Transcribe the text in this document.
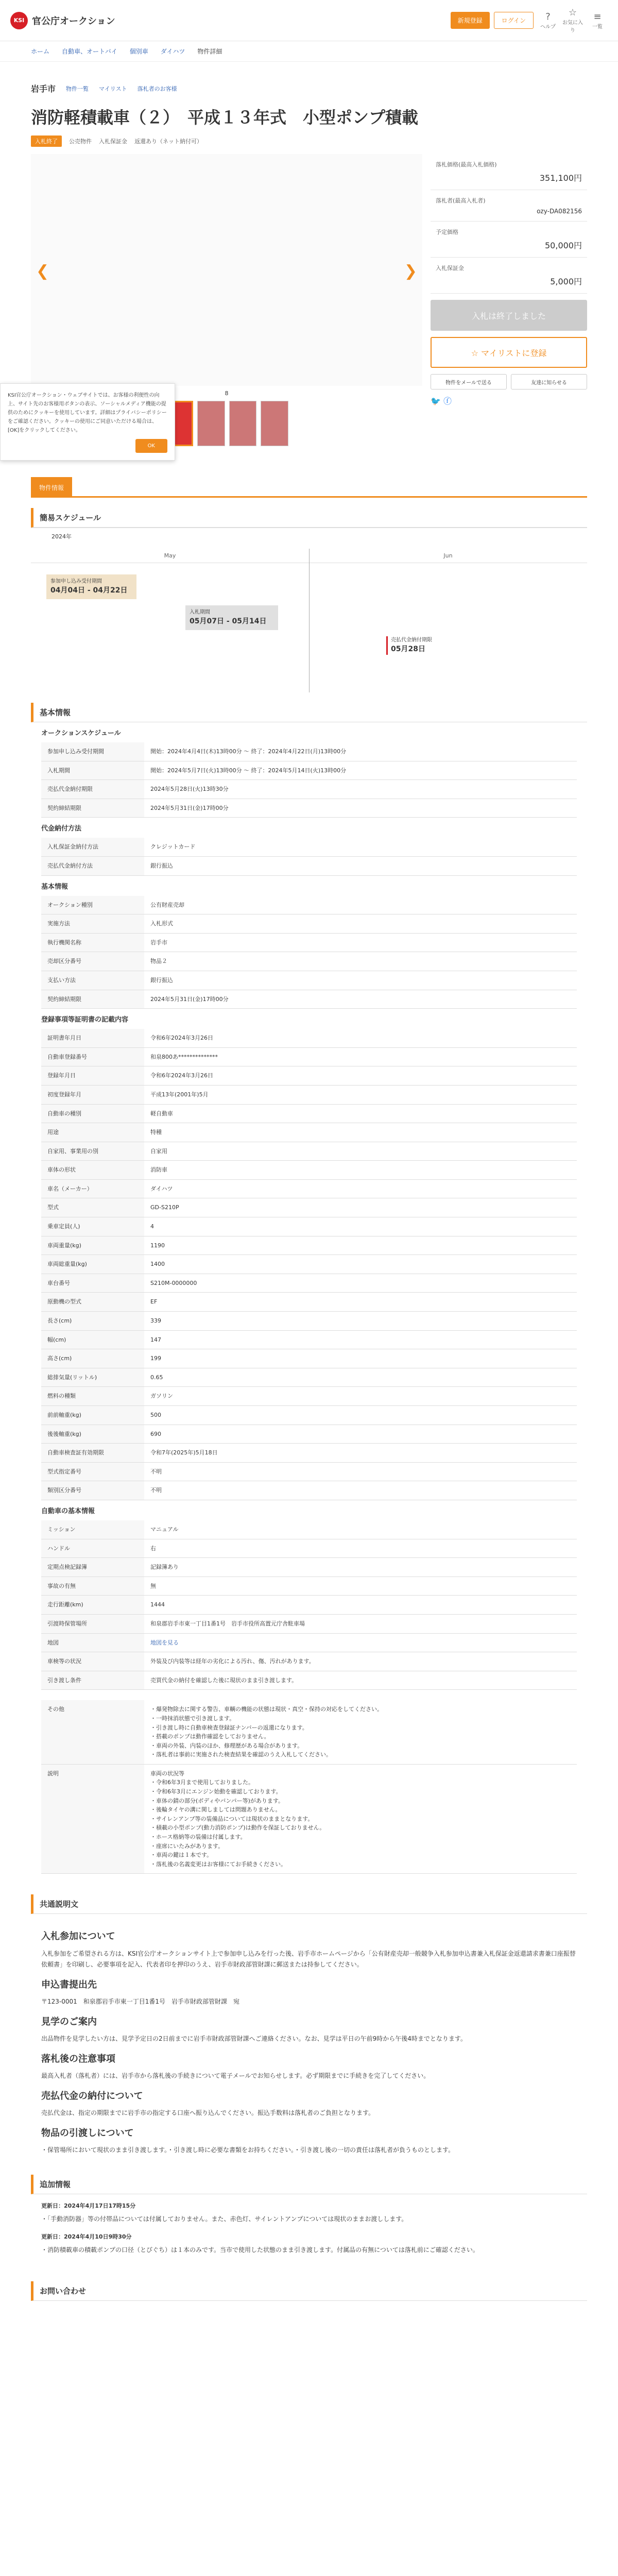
KSI 官公庁オークション	新規登録	ログイン	?
ヘルプ
☆
お気に入り
≡
一覧
ホーム 自動車、オートバイ 個別車 ダイハツ 物件詳細
岩手市 物件一覧 マイリスト 落札者のお客様
消防軽積載車（２）　平成１３年式　小型ポンプ積載
入札終了	公売物件 入札保証金 返還あり（ネット納付可）
❮	❯
8
落札価格(最高入札価格)
351,100円
落札者(最高入札者)
ozy-DA082156
予定価格
50,000円
入札保証金
5,000円
入札は終了しました
☆ マイリストに登録
物件をメールで送る	友達に知らせる
🐦 ⓕ
KSI官公庁オークション・ウェブサイトでは、お客様の利便性の向上、サイト先のお客様用ボタンの表示、ソーシャルメディア機能の提供のためにクッキーを使用しています。詳細はプライバシーポリシーをご確認ください。クッキーの使用にご同意いただける場合は、[OK]をクリックしてください。
OK
物件情報
簡易スケジュール
2024年
May	Jun
参加申し込み受付期間
04月04日 - 04月22日
入札期間
05月07日 - 05月14日
売払代金納付期限
05月28日
基本情報
オークションスケジュール
参加申し込み受付期間	開始：2024年4月4日(木)13時00分 ～ 終了：2024年4月22日(月)13時00分
入札期間	開始：2024年5月7日(火)13時00分 ～ 終了：2024年5月14日(火)13時00分
売払代金納付期限	2024年5月28日(火)13時30分
契約締結期限	2024年5月31日(金)17時00分
代金納付方法
入札保証金納付方法	クレジットカード
売払代金納付方法	銀行振込
基本情報
オークション種別	公有財産売却
実施方法	入札形式
執行機関名称	岩手市
売却区分番号	物品２
支払い方法	銀行振込
契約締結期限	2024年5月31日(金)17時00分
登録事項等証明書の記載内容
証明書年月日	令和6年2024年3月26日
自動車登録番号	和泉800あ**************
登録年月日	令和6年2024年3月26日
初度登録年月	平成13年(2001年)5月
自動車の種別	軽自動車
用途	特種
自家用、事業用の別	自家用
車体の形状	消防車
車名（メーカー）	ダイハツ
型式	GD-S210P
乗車定員(人)	4
車両重量(kg)	1190
車両総重量(kg)	1400
車台番号	S210M-0000000
原動機の型式	EF
長さ(cm)	339
幅(cm)	147
高さ(cm)	199
総排気量(リットル)	0.65
燃料の種類	ガソリン
前前軸重(kg)	500
後後軸重(kg)	690
自動車検査証有効期限	令和7年(2025年)5月18日
型式指定番号	不明
類別区分番号	不明
自動車の基本情報
ミッション	マニュアル
ハンドル	右
定期点検記録簿	記録簿あり
事故の有無	無
走行距離(km)	1444
引渡時保管場所	和泉郡岩手市東一丁目1番1号　岩手市役所高置元庁舎駐車場
地図	地図を見る
車検等の状況	外装及び内装等は経年の劣化による汚れ、傷、汚れがあります。
引き渡し条件	売買代金の納付を確認した後に現状のまま引き渡します。
その他	・爆発物除去に関する警告、車輌の機能の状態は現状・真空・保持の対応をしてください。

・一時抹消状態で引き渡します。

・引き渡し時に自動車検査登録証ナンバーの返還になります。

・搭載のポンプは動作確認をしておりません。

・車両の外装、内装のほか、修理歴がある場合があります。

・落札者は事前に実施された検査結果を確認のうえ入札してください。

説明	車両の状況等

・令和6年3月まで使用しておりました。

・令和6年3月にエンジン始動を確認しております。

・車体の錆の部分(ボディやバンパー等)があります。

・後輪タイヤの溝に関しましては問題ありません。

・サイレンアンプ等の装備品については現状のままとなります。

・積載の小型ポンプ(動力消防ポンプ)は動作を保証しておりません。

・ホース格納等の装備は付属します。

・座席にいたみがあります。

・車両の鍵は１本です。

・落札後の名義変更はお客様にてお手続きください。

共通説明文
入札参加について

入札参加をご希望される方は、KSI官公庁オークションサイト上で参加申し込みを行った後、岩手市ホームページから「公有財産売却一般競争入札参加申込書兼入札保証金返還請求書兼口座振替依頼書」を印刷し、必要事項を記入、代表者印を押印のうえ、岩手市財政部管財課に郵送または持参してください。

申込書提出先

〒123-0001　和泉郡岩手市東一丁目1番1号　岩手市財政部管財課　宛

見学のご案内

出品物件を見学したい方は、見学予定日の2日前までに岩手市財政部管財課へご連絡ください。なお、見学は平日の午前9時から午後4時までとなります。

落札後の注意事項

最高入札者（落札者）には、岩手市から落札後の手続きについて電子メールでお知らせします。必ず期限までに手続きを完了してください。

売払代金の納付について

売払代金は、指定の期限までに岩手市の指定する口座へ振り込んでください。振込手数料は落札者のご負担となります。

物品の引渡しについて

・保管場所において現状のまま引き渡します。・引き渡し時に必要な書類をお持ちください。・引き渡し後の一切の責任は落札者が負うものとします。

追加情報
更新日：2024年4月17日17時15分

・「手動消防器」等の付帯品については付属しておりません。また、赤色灯、サイレントアンプについては現状のままお渡しします。

更新日：2024年4月10日9時30分

・消防積載車の積載ポンプの口径（とびぐち）は１本のみです。当市で使用した状態のまま引き渡します。付属品の有無については落札前にご確認ください。

お問い合わせ
